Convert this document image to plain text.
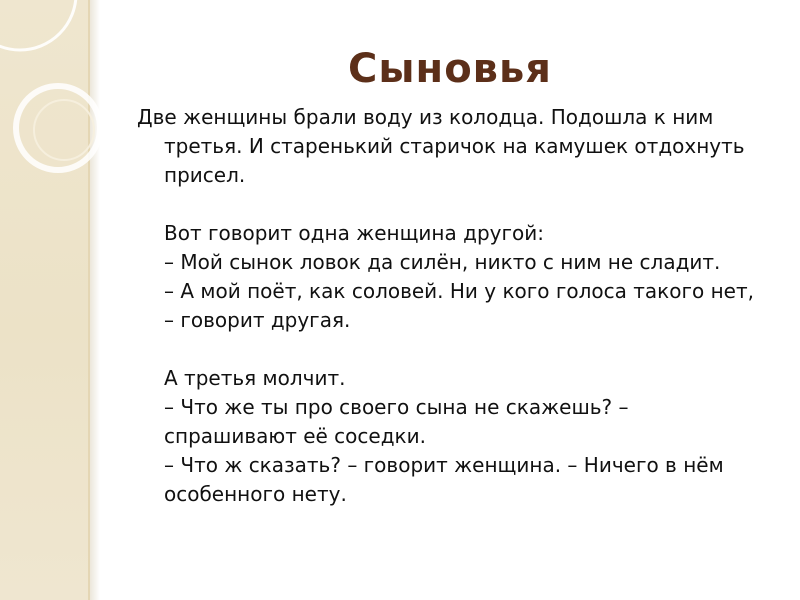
Сыновья

Две женщины брали воду из колодца. Подошла к ним третья. И старенький старичок на камушек отдохнуть присел.

Вот говорит одна женщина другой:

– Мой сынок ловок да силён, никто с ним не сладит.

– А мой поёт, как соловей. Ни у кого голоса такого нет,

– говорит другая.

А третья молчит.

– Что же ты про своего сына не скажешь? –

спрашивают её соседки.

– Что ж сказать? – говорит женщина. – Ничего в нём

особенного нету.
